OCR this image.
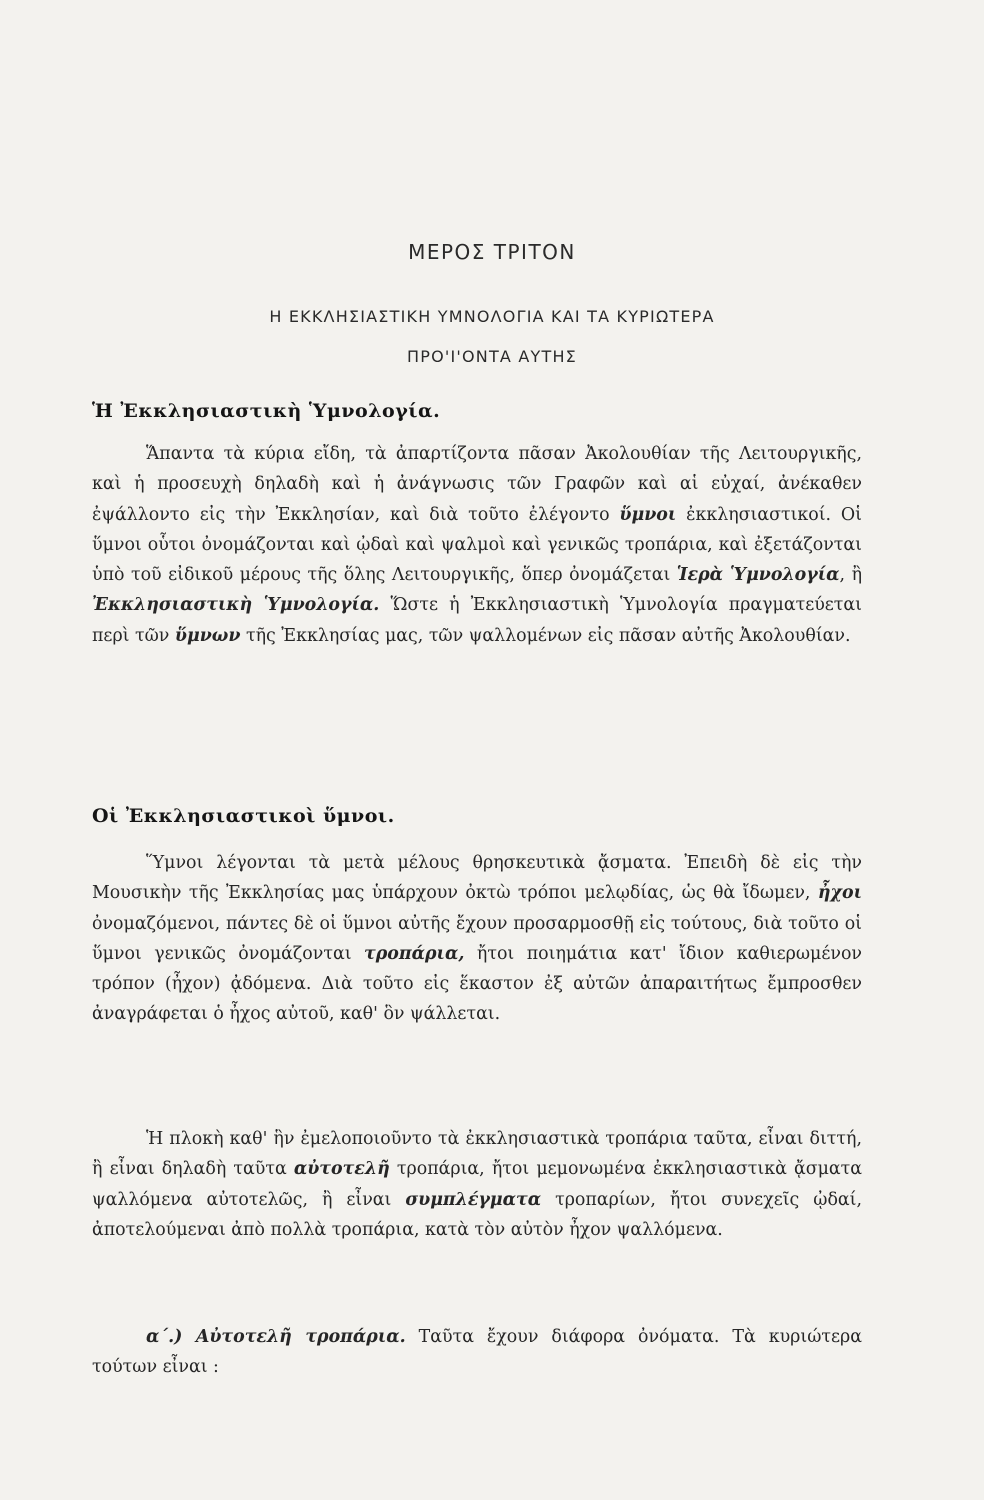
ΜΕΡΟΣ ΤΡΙΤΟΝ
Η ΕΚΚΛΗΣΙΑΣΤΙΚΗ ΥΜΝΟΛΟΓΙΑ ΚΑΙ ΤΑ ΚΥΡΙΩΤΕΡΑ
ΠΡΟ'Ι'ΟΝΤΑ ΑΥΤΗΣ
Ἡ Ἐκκλησιαστικὴ Ὑμνολογία.

Ἅπαντα τὰ κύρια εἴδη, τὰ ἀπαρτίζοντα πᾶσαν Ἀκολουθίαν τῆς Λειτουργικῆς, καὶ ἡ προσευχὴ δηλαδὴ καὶ ἡ ἀνάγνωσις τῶν Γραφῶν καὶ αἱ εὐχαί, ἀνέκαθεν ἐψάλλοντο εἰς τὴν Ἐκκλησίαν, καὶ διὰ τοῦτο ἐλέγοντο ὕμνοι ἐκκλησιαστικοί. Οἱ ὕμνοι οὗτοι ὀνομάζονται καὶ ᾠδαὶ καὶ ψαλμοὶ καὶ γενικῶς τροπάρια, καὶ ἐξετάζονται ὑπὸ τοῦ εἰδικοῦ μέρους τῆς ὅλης Λειτουργικῆς, ὅπερ ὀνομάζεται Ἱερὰ Ὑμνολογία, ἢ Ἐκκλησιαστικὴ Ὑμνολογία. Ὥστε ἡ Ἐκκλησιαστικὴ Ὑμνολογία πραγματεύεται περὶ τῶν ὕμνων τῆς Ἐκκλησίας μας, τῶν ψαλλομένων εἰς πᾶσαν αὐτῆς Ἀκολουθίαν.

Οἱ Ἐκκλησιαστικοὶ ὕμνοι.

Ὕμνοι λέγονται τὰ μετὰ μέλους θρησκευτικὰ ᾄσματα. Ἐπειδὴ δὲ εἰς τὴν Μουσικὴν τῆς Ἐκκλησίας μας ὑπάρχουν ὀκτὼ τρόποι μελῳδίας, ὡς θὰ ἴδωμεν, ἦχοι ὀνομαζόμενοι, πάντες δὲ οἱ ὕμνοι αὐτῆς ἔχουν προσαρμοσθῇ εἰς τούτους, διὰ τοῦτο οἱ ὕμνοι γενικῶς ὀνομάζονται τροπάρια, ἤτοι ποιημάτια κατ' ἴδιον καθιερωμένον τρόπον (ἦχον) ᾀδόμενα. Διὰ τοῦτο εἰς ἕκαστον ἐξ αὐτῶν ἀπαραιτήτως ἔμπροσθεν ἀναγράφεται ὁ ἦχος αὐτοῦ, καθ' ὃν ψάλλεται.

Ἡ πλοκὴ καθ' ἣν ἐμελοποιοῦντο τὰ ἐκκλησιαστικὰ τροπάρια ταῦτα, εἶναι διττή, ἢ εἶναι δηλαδὴ ταῦτα αὐτοτελῆ τροπάρια, ἤτοι μεμονωμένα ἐκκλησιαστικὰ ᾄσματα ψαλλόμενα αὐτοτελῶς, ἢ εἶναι συμπλέγματα τροπαρίων, ἤτοι συνεχεῖς ᾠδαί, ἀποτελούμεναι ἀπὸ πολλὰ τροπάρια, κατὰ τὸν αὐτὸν ἦχον ψαλλόμενα.

α΄.) Αὐτοτελῆ τροπάρια. Ταῦτα ἔχουν διάφορα ὀνόματα. Τὰ κυριώτερα τούτων εἶναι :
